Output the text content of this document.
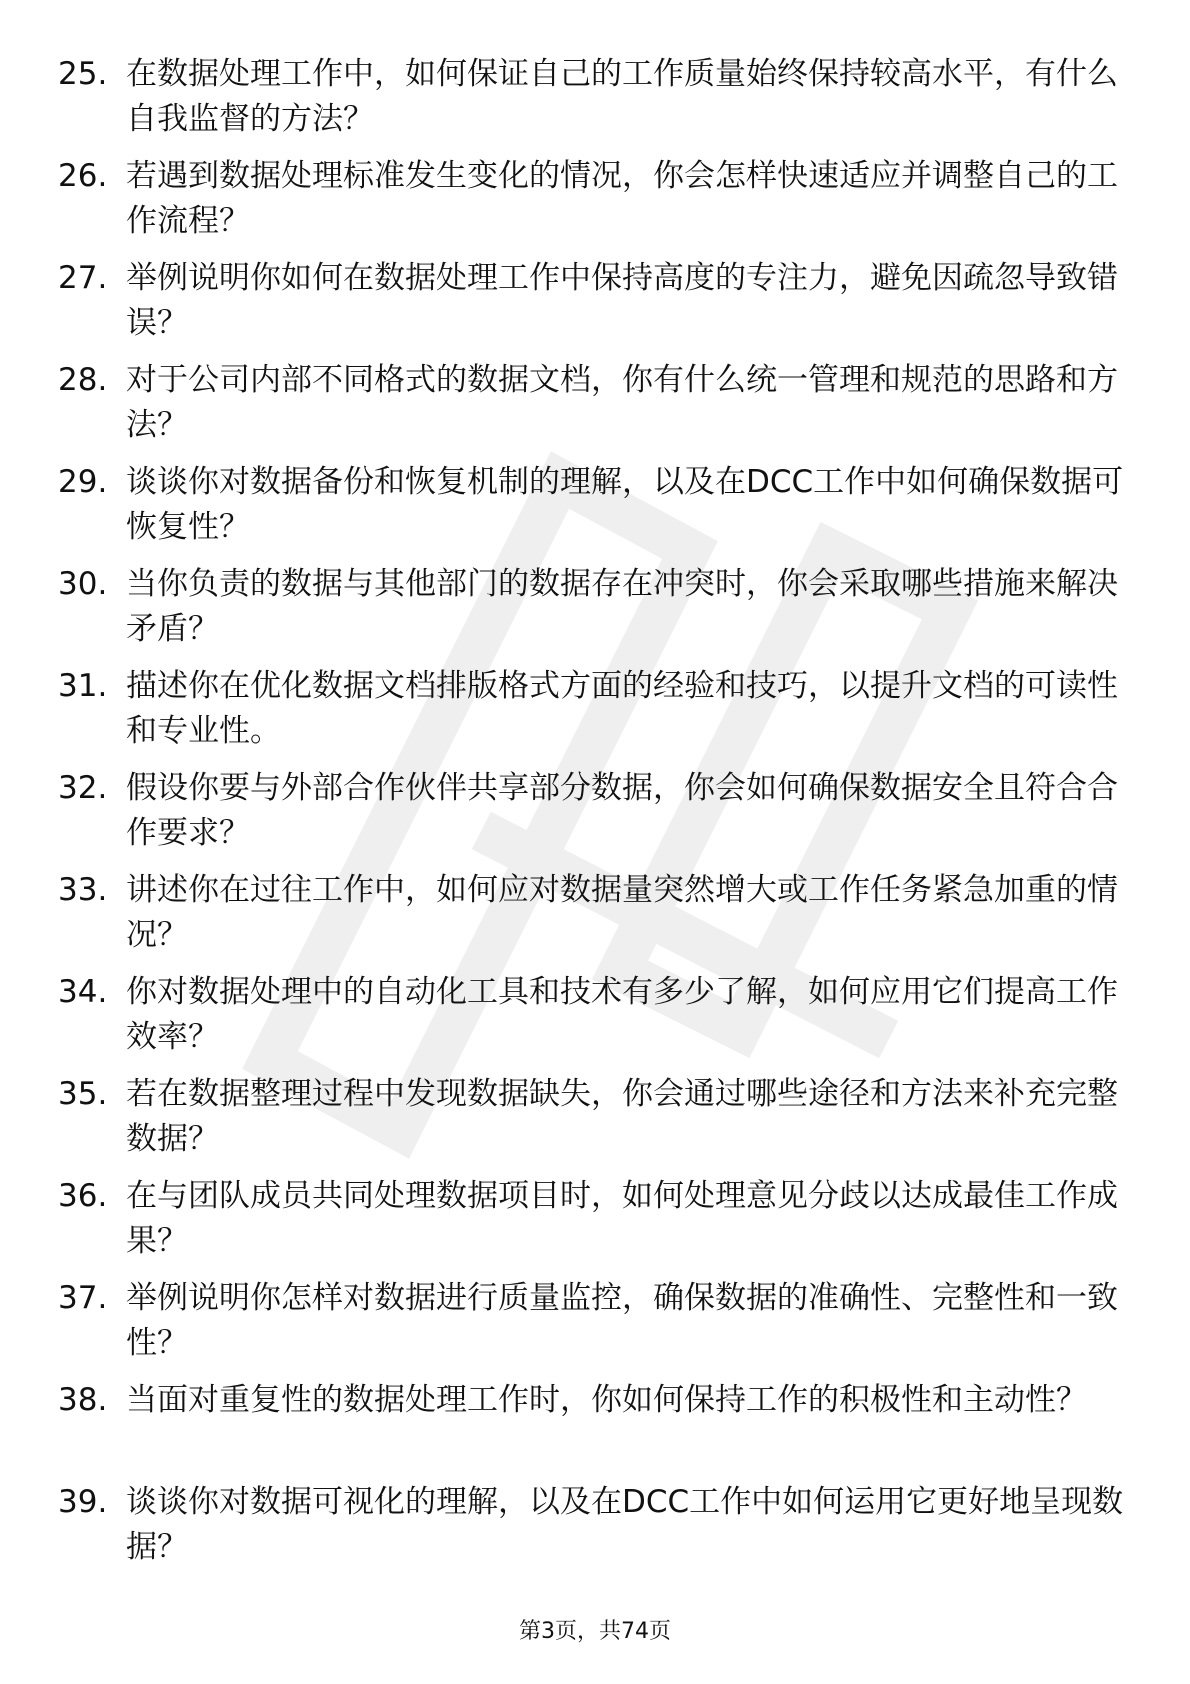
25. 在数据处理工作中，如何保证自己的工作质量始终保持较高水平，有什么自我监督的方法？
26. 若遇到数据处理标准发生变化的情况，你会怎样快速适应并调整自己的工作流程？
27. 举例说明你如何在数据处理工作中保持高度的专注力，避免因疏忽导致错误？
28. 对于公司内部不同格式的数据文档，你有什么统一管理和规范的思路和方法？
29. 谈谈你对数据备份和恢复机制的理解，以及在DCC工作中如何确保数据可恢复性？
30. 当你负责的数据与其他部门的数据存在冲突时，你会采取哪些措施来解决矛盾？
31. 描述你在优化数据文档排版格式方面的经验和技巧，以提升文档的可读性和专业性。
32. 假设你要与外部合作伙伴共享部分数据，你会如何确保数据安全且符合合作要求？
33. 讲述你在过往工作中，如何应对数据量突然增大或工作任务紧急加重的情况？
34. 你对数据处理中的自动化工具和技术有多少了解，如何应用它们提高工作效率？
35. 若在数据整理过程中发现数据缺失，你会通过哪些途径和方法来补充完整数据？
36. 在与团队成员共同处理数据项目时，如何处理意见分歧以达成最佳工作成果？
37. 举例说明你怎样对数据进行质量监控，确保数据的准确性、完整性和一致性？
38. 当面对重复性的数据处理工作时，你如何保持工作的积极性和主动性？
39. 谈谈你对数据可视化的理解，以及在DCC工作中如何运用它更好地呈现数据？
第3页，共74页
